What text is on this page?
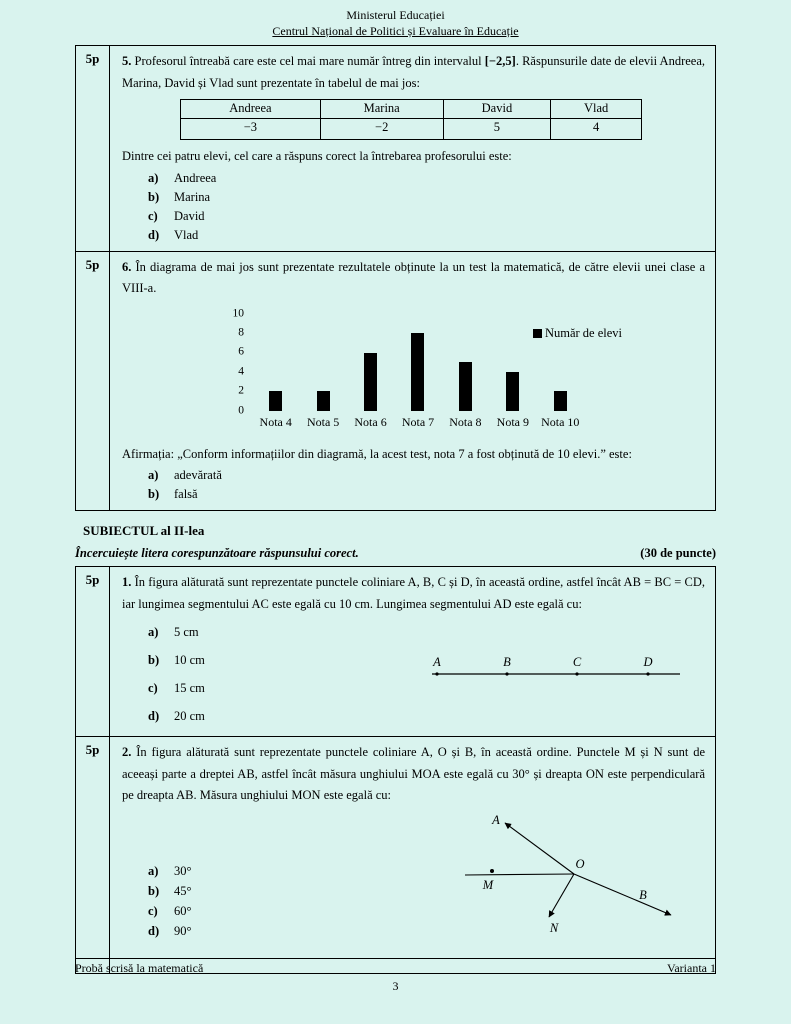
Ministerul Educației
Centrul Național de Politici și Evaluare în Educație
5p	5. Profesorul întreabă care este cel mai mare număr întreg din intervalul [−2,5]. Răspunsurile date de elevii Andreea, Marina, David și Vlad sunt prezentate în tabelul de mai jos:
Andreea	Marina	David	Vlad
−3	−2	5	4
Dintre cei patru elevi, cel care a răspuns corect la întrebarea profesorului este:
a)	Andreea
b)	Marina
c)	David
d)	Vlad

5p	6. În diagrama de mai jos sunt prezentate rezultatele obținute la un test la matematică, de către elevii unei clase a VIII-a.
0
2
4
6
8
10
Număr de elevi
Nota 4	Nota 5	Nota 6	Nota 7	Nota 8	Nota 9	Nota 10
Afirmația: „Conform informațiilor din diagramă, la acest test, nota 7 a fost obținută de 10 elevi.” este:
a)	adevărată
b)	falsă
SUBIECTUL al II-lea
Încercuiește litera corespunzătoare răspunsului corect.	(30 de puncte)
5p	1. În figura alăturată sunt reprezentate punctele coliniare A, B, C și D, în această ordine, astfel încât AB = BC = CD, iar lungimea segmentului AC este egală cu 10 cm. Lungimea segmentului AD este egală cu:
a)	5 cm
b)	10 cm
c)	15 cm
d)	20 cm
A	B	C	D

5p	2. În figura alăturată sunt reprezentate punctele coliniare A, O și B, în această ordine. Punctele M și N sunt de aceeași parte a dreptei AB, astfel încât măsura unghiului MOA este egală cu 30° și dreapta ON este perpendiculară pe dreapta AB. Măsura unghiului MON este egală cu:
a)	30°
b)	45°
c)	60°
d)	90°
A
O
M
B
N
Probă scrisă la matematică	Varianta 1
3
